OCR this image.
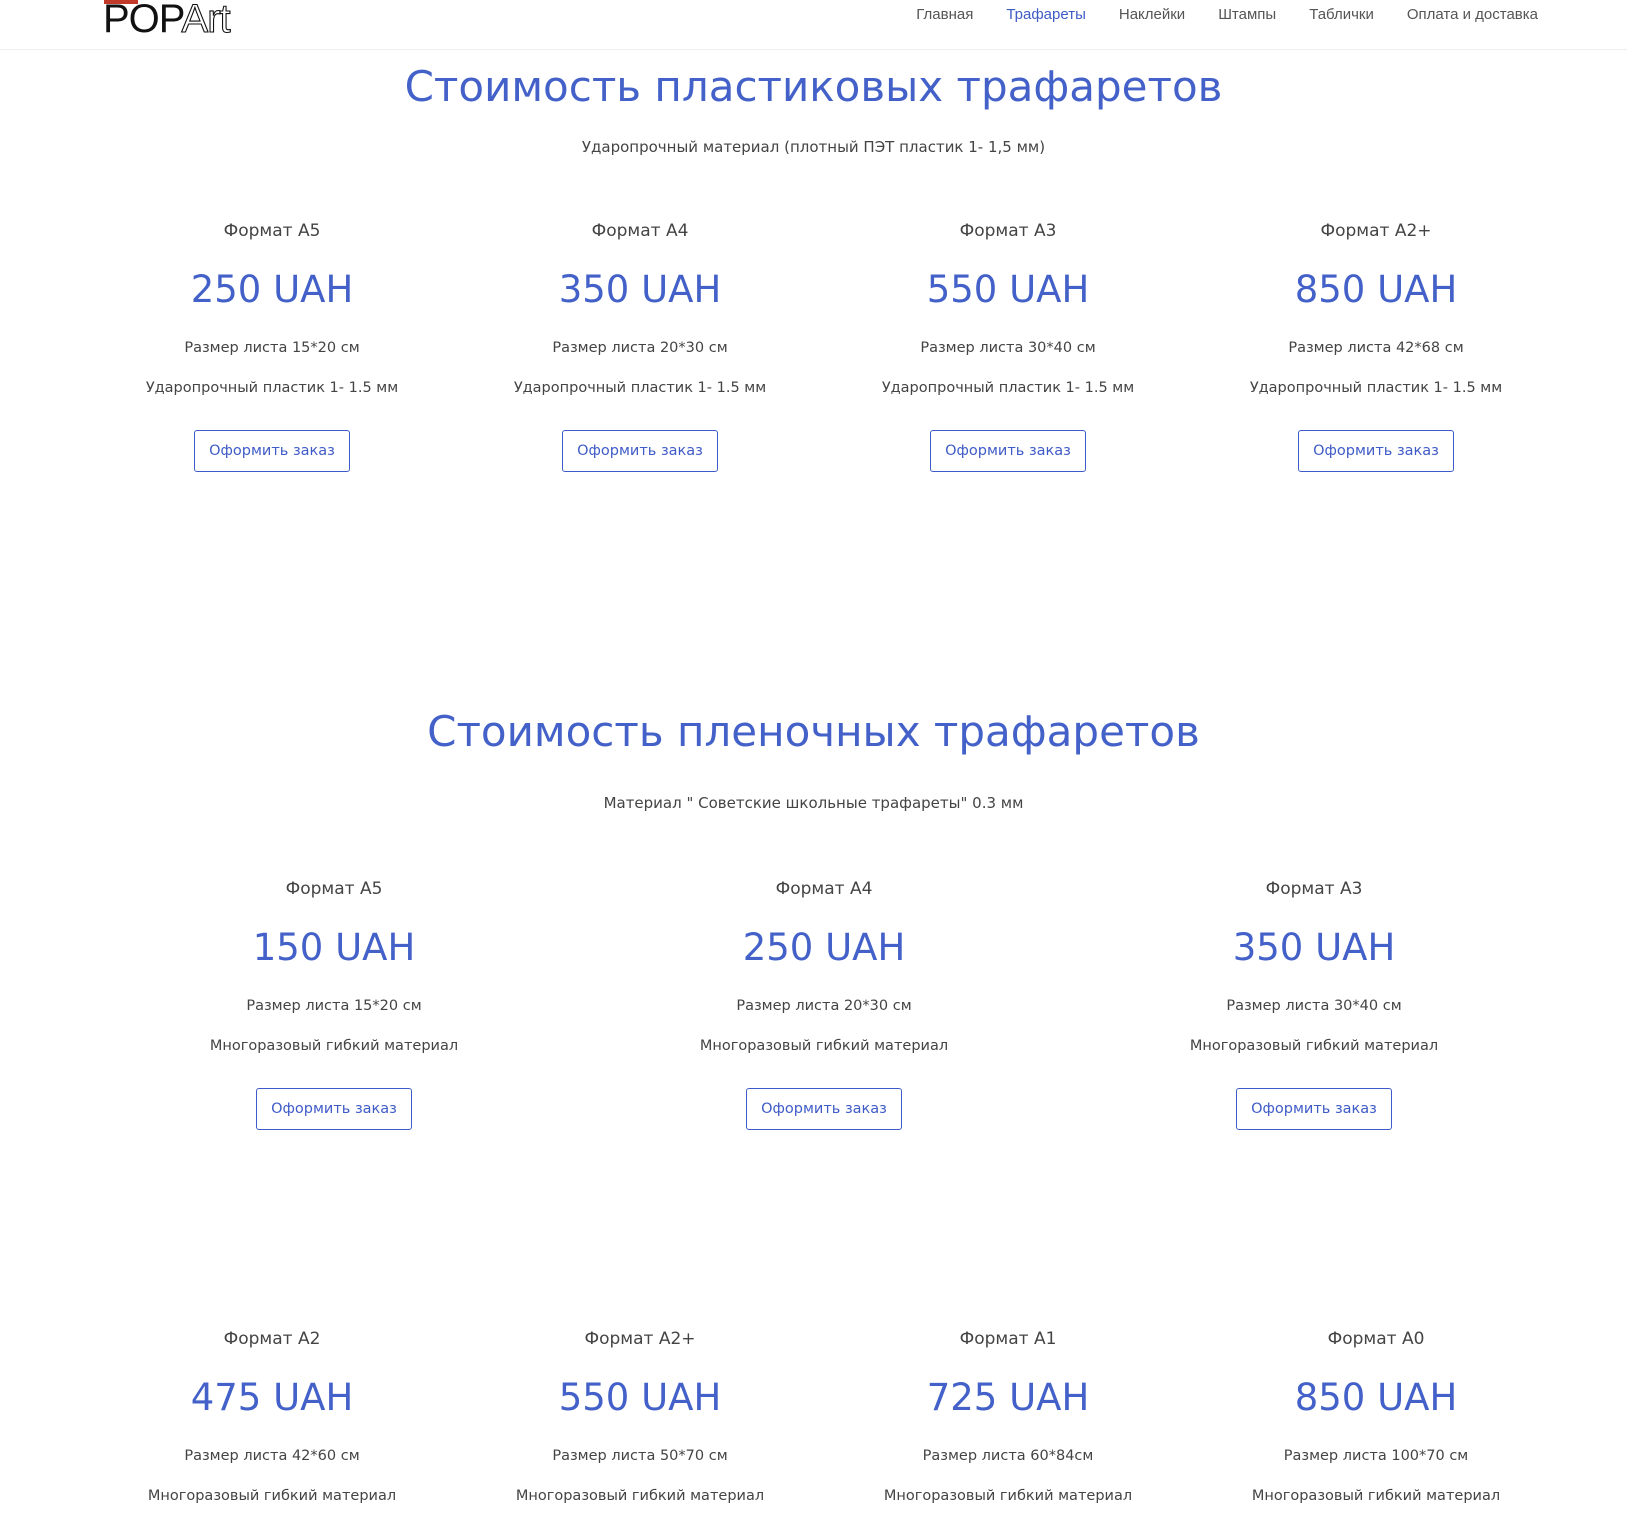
POPArt	Главная Трафареты Наклейки Штампы Таблички Оплата и доставка
Стоимость пластиковых трафаретов

Ударопрочный материал (плотный ПЭТ пластик 1- 1,5 мм)

Формат А5
250 UAH
Размер листа 15*20 см
Ударопрочный пластик 1- 1.5 мм
Оформить заказ
Формат А4
350 UAH
Размер листа 20*30 см
Ударопрочный пластик 1- 1.5 мм
Оформить заказ
Формат А3
550 UAH
Размер листа 30*40 см
Ударопрочный пластик 1- 1.5 мм
Оформить заказ
Формат А2+
850 UAH
Размер листа 42*68 см
Ударопрочный пластик 1- 1.5 мм
Оформить заказ
Стоимость пленочных трафаретов

Материал " Советские школьные трафареты" 0.3 мм

Формат А5
150 UAH
Размер листа 15*20 см
Многоразовый гибкий материал
Оформить заказ
Формат А4
250 UAH
Размер листа 20*30 см
Многоразовый гибкий материал
Оформить заказ
Формат А3
350 UAH
Размер листа 30*40 см
Многоразовый гибкий материал
Оформить заказ
Формат А2
475 UAH
Размер листа 42*60 см
Многоразовый гибкий материал
Формат А2+
550 UAH
Размер листа 50*70 см
Многоразовый гибкий материал
Формат А1
725 UAH
Размер листа 60*84см
Многоразовый гибкий материал
Формат А0
850 UAH
Размер листа 100*70 см
Многоразовый гибкий материал
